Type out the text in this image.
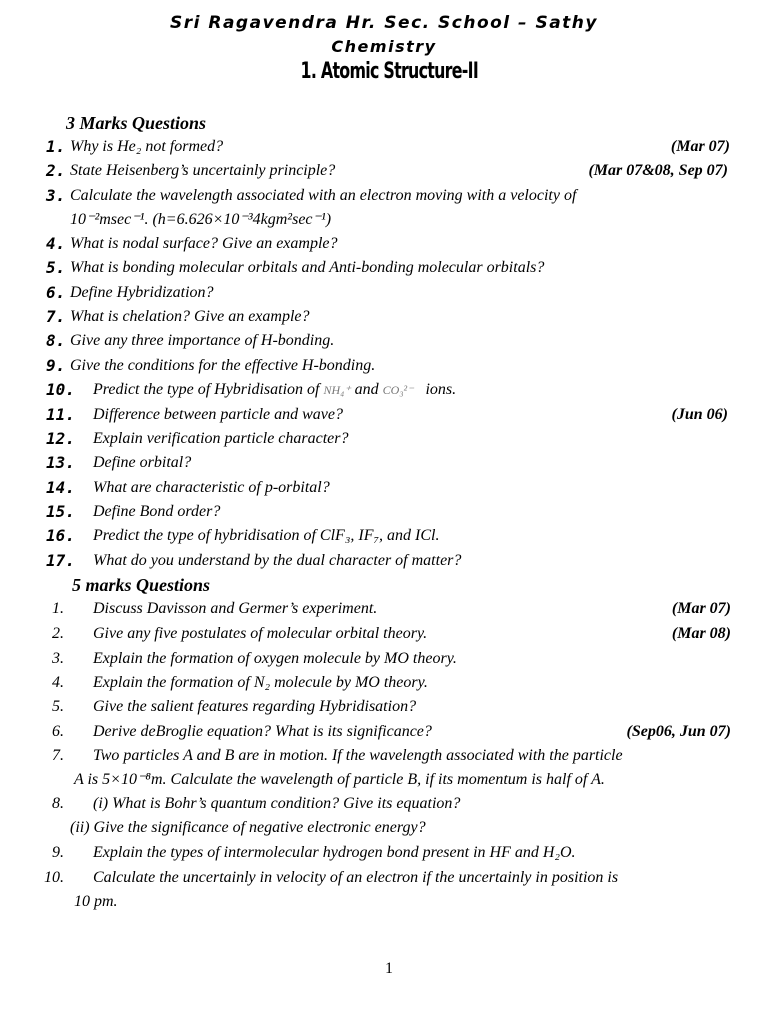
Sri Ragavendra Hr. Sec. School – Sathy
Chemistry
1. Atomic Structure-II
3 Marks Questions
1. Why is He₂ not formed?	(Mar 07)
2. State Heisenberg’s uncertainly principle?	(Mar 07&08, Sep 07)
3. Calculate the wavelength associated with an electron moving with a velocity of
10⁻²msec⁻¹. (h=6.626×10⁻³4kgm²sec⁻¹)
4. What is nodal surface? Give an example?
5. What is bonding molecular orbitals and Anti-bonding molecular orbitals?
6. Define Hybridization?
7. What is chelation? Give an example?
8. Give any three importance of H-bonding.
9. Give the conditions for the effective H-bonding.
10. Predict the type of Hybridisation of NH₄⁺ and CO₃²⁻ ions.
11. Difference between particle and wave?	(Jun 06)
12. Explain verification particle character?
13. Define orbital?
14. What are characteristic of p-orbital?
15. Define Bond order?
16. Predict the type of hybridisation of ClF₃, IF₇, and ICl.
17. What do you understand by the dual character of matter?
5 marks Questions
1. Discuss Davisson and Germer’s experiment.	(Mar 07)
2. Give any five postulates of molecular orbital theory.	(Mar 08)
3. Explain the formation of oxygen molecule by MO theory.
4. Explain the formation of N₂ molecule by MO theory.
5. Give the salient features regarding Hybridisation?
6. Derive deBroglie equation? What is its significance?	(Sep06, Jun 07)
7. Two particles A and B are in motion. If the wavelength associated with the particle
A is 5×10⁻⁸m. Calculate the wavelength of particle B, if its momentum is half of A.
8. (i) What is Bohr’s quantum condition? Give its equation?
(ii) Give the significance of negative electronic energy?
9. Explain the types of intermolecular hydrogen bond present in HF and H₂O.
10. Calculate the uncertainly in velocity of an electron if the uncertainly in position is
10 pm.
1
